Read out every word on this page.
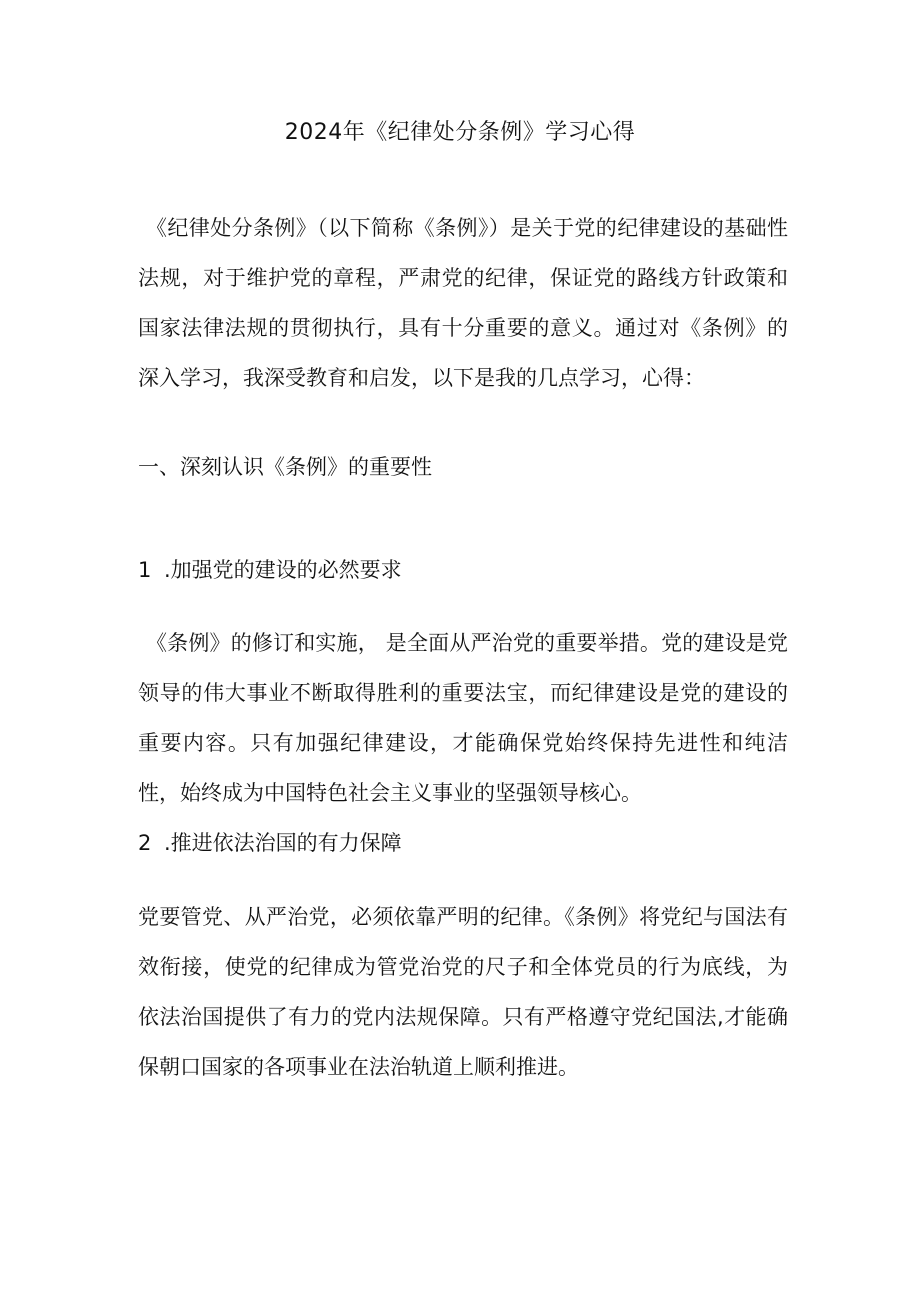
2024年《纪律处分条例》学习心得

《纪律处分条例》（以下简称《条例》）是关于党的纪律建设的基础性法规，对于维护党的章程，严肃党的纪律，保证党的路线方针政策和国家法律法规的贯彻执行，具有十分重要的意义。通过对《条例》的深入学习，我深受教育和启发，以下是我的几点学习，心得：

一、深刻认识《条例》的重要性
1 .加强党的建设的必然要求

《条例》的修订和实施， 是全面从严治党的重要举措。党的建设是党领导的伟大事业不断取得胜利的重要法宝，而纪律建设是党的建设的重要内容。只有加强纪律建设，才能确保党始终保持先进性和纯洁性，始终成为中国特色社会主义事业的坚强领导核心。

2 .推进依法治国的有力保障

党要管党、从严治党，必须依靠严明的纪律。《条例》将党纪与国法有效衔接，使党的纪律成为管党治党的尺子和全体党员的行为底线，为依法治国提供了有力的党内法规保障。只有严格遵守党纪国法,才能确保朝口国家的各项事业在法治轨道上顺利推进。
